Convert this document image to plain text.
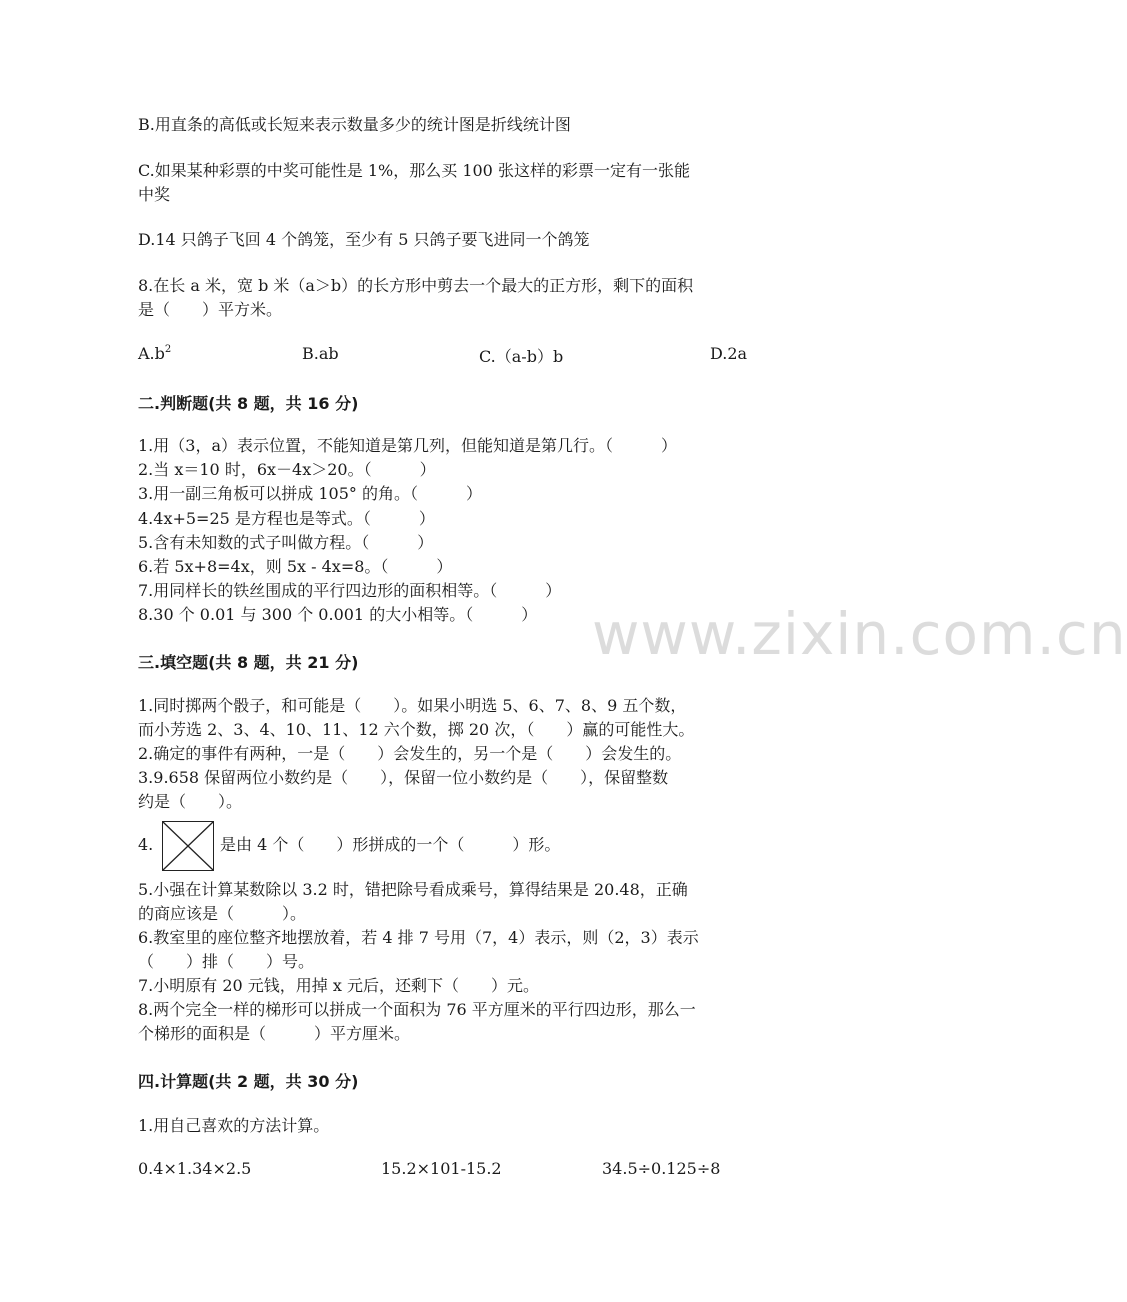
www.zixin.com.cn
B.用直条的高低或长短来表示数量多少的统计图是折线统计图
C.如果某种彩票的中奖可能性是 1%，那么买 100 张这样的彩票一定有一张能
中奖
D.14 只鸽子飞回 4 个鸽笼，至少有 5 只鸽子要飞进同一个鸽笼
8.在长 a 米，宽 b 米（a＞b）的长方形中剪去一个最大的正方形，剩下的面积
是（　　）平方米。
$A.b^2$	B.ab	C.（a-b）b	D.2a
二.判断题(共 8 题，共 16 分)
1.用（3，a）表示位置，不能知道是第几列，但能知道是第几行。（　　　）
2.当 x＝10 时，6x－4x＞20。（　　　）
3.用一副三角板可以拼成 105° 的角。（　　　）
4.4x+5=25 是方程也是等式。（　　　）
5.含有未知数的式子叫做方程。（　　　）
6.若 5x+8=4x，则 5x - 4x=8。（　　　）
7.用同样长的铁丝围成的平行四边形的面积相等。（　　　）
8.30 个 0.01 与 300 个 0.001 的大小相等。（　　　）
三.填空题(共 8 题，共 21 分)
1.同时掷两个骰子，和可能是（　　）。如果小明选 5、6、7、8、9 五个数，
而小芳选 2、3、4、10、11、12 六个数，掷 20 次，（　　）赢的可能性大。
2.确定的事件有两种，一是（　　）会发生的，另一个是（　　）会发生的。
3.9.658 保留两位小数约是（　　），保留一位小数约是（　　），保留整数
约是（　　）。
4.	是由 4 个（　　）形拼成的一个（　　　）形。
5.小强在计算某数除以 3.2 时，错把除号看成乘号，算得结果是 20.48，正确
的商应该是（　　　）。
6.教室里的座位整齐地摆放着，若 4 排 7 号用（7，4）表示，则（2，3）表示
（　　）排（　　）号。
7.小明原有 20 元钱，用掉 x 元后，还剩下（　　）元。
8.两个完全一样的梯形可以拼成一个面积为 76 平方厘米的平行四边形，那么一
个梯形的面积是（　　　）平方厘米。
四.计算题(共 2 题，共 30 分)
1.用自己喜欢的方法计算。
0.4×1.34×2.5	15.2×101-15.2	34.5÷0.125÷8
